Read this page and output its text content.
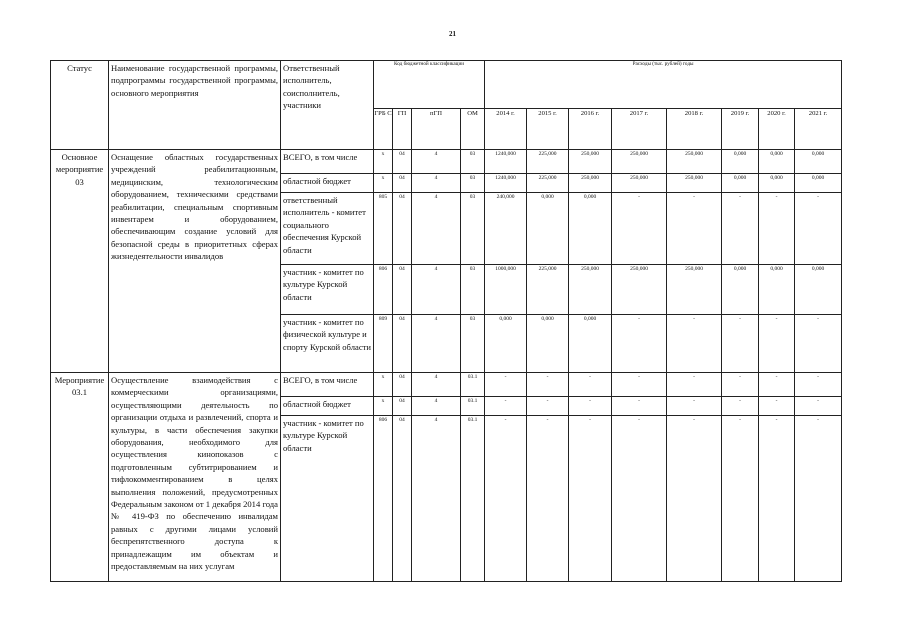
21
Статус	Наименование государственной программы, подпрограммы государственной программы, основного мероприятия	Ответственный исполнитель, соисполнитель, участники	Код бюджетной классификации				Расходы (тыс. рублей) годы							
			ГРБ С	ГП	пГП	ОМ	2014 г.	2015 г.	2016 г.	2017 г.	2018 г.	2019 г.	2020 г.	2021 г.
Основное мероприятие 03	Оснащение областных государственных учреждений реабилитационным, медицинским, технологическим оборудованием, техническими средствами реабилитации, специальным спортивным инвентарем и оборудованием, обеспечивающим создание условий для безопасной среды в приоритетных сферах жизнедеятельности инвалидов	ВСЕГО, в том числе	x	04	4	03	1240,000	225,000	250,000	250,000	250,000	0,000	0,000	0,000
		областной бюджет	x	04	4	03	1240,000	225,000	250,000	250,000	250,000	0,000	0,000	0,000
		ответственный исполнитель - комитет социального обеспечения Курской области	805	04	4	03	240,000	0,000	0,000	-	-	-	-	-
		участник - комитет по культуре Курской области	806	04	4	03	1000,000	225,000	250,000	250,000	250,000	0,000	0,000	0,000
		участник - комитет по физической культуре и спорту Курской области	809	04	4	03	0,000	0,000	0,000	-	-	-	-	-
Мероприятие 03.1	Осуществление взаимодействия с коммерческими организациями, осуществляющими деятельность по организации отдыха и развлечений, спорта и культуры, в части обеспечения закупки оборудования, необходимого для осуществления кинопоказов с подготовленным субтитрированием и тифлокомментированием в целях выполнения положений, предусмотренных Федеральным законом от 1 декабря 2014 года № 419-ФЗ по обеспечению инвалидам равных с другими лицами условий беспрепятственного доступа к принадлежащим им объектам и предоставляемым на них услугам	ВСЕГО, в том числе	x	04	4	03.1	-	-	-	-	-	-	-	-
		областной бюджет	x	04	4	03.1	-	-	-	-	-	-	-	-
		участник - комитет по культуре Курской области	806	04	4	03.1	-	-	-	-	-	-	-	-
